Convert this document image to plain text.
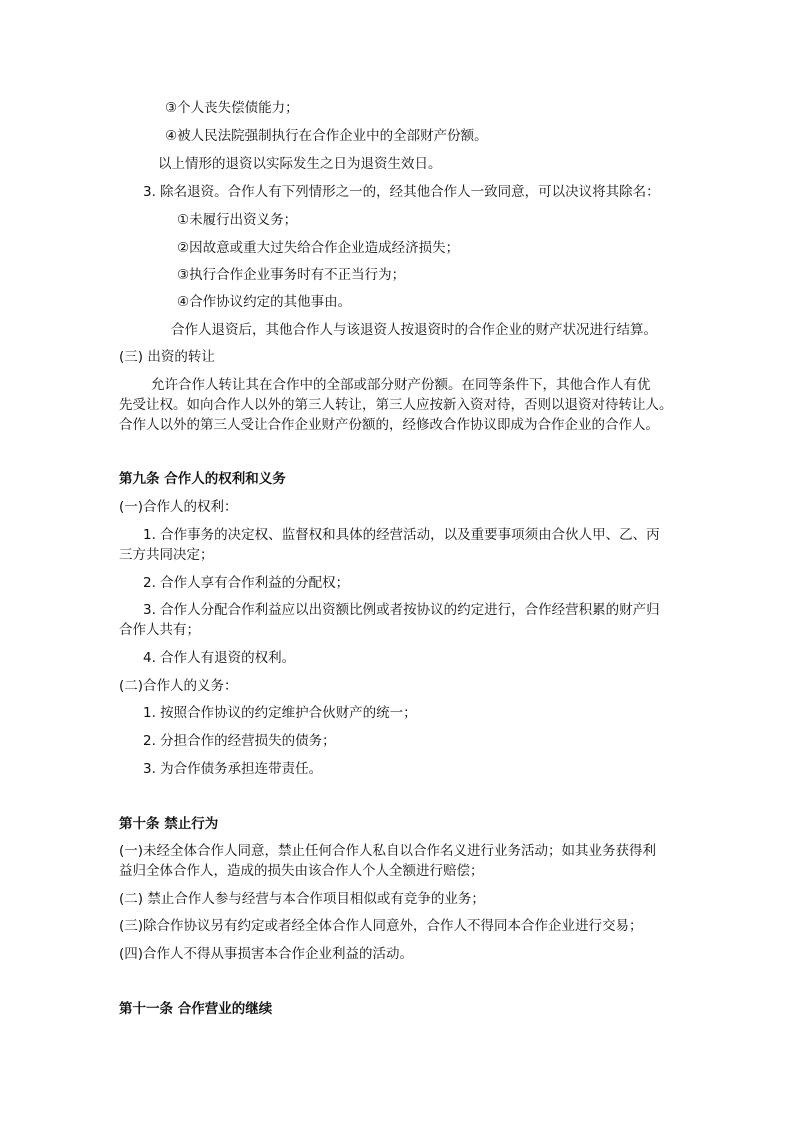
③个人丧失偿债能力；
④被人民法院强制执行在合作企业中的全部财产份额。
以上情形的退资以实际发生之日为退资生效日。
3. 除名退资。合作人有下列情形之一的，经其他合作人一致同意，可以决议将其除名：
①未履行出资义务；
②因故意或重大过失给合作企业造成经济损失；
③执行合作企业事务时有不正当行为；
④合作协议约定的其他事由。
合作人退资后，其他合作人与该退资人按退资时的合作企业的财产状况进行结算。
(三) 出资的转让
允许合作人转让其在合作中的全部或部分财产份额。在同等条件下，其他合作人有优
先受让权。如向合作人以外的第三人转让，第三人应按新入资对待，否则以退资对待转让人。
合作人以外的第三人受让合作企业财产份额的，经修改合作协议即成为合作企业的合作人。
第九条 合作人的权利和义务
(一)合作人的权利：
1. 合作事务的决定权、监督权和具体的经营活动，以及重要事项须由合伙人甲、乙、丙
三方共同决定；
2. 合作人享有合作利益的分配权；
3. 合作人分配合作利益应以出资额比例或者按协议的约定进行，合作经营积累的财产归
合作人共有；
4. 合作人有退资的权利。
(二)合作人的义务：
1. 按照合作协议的约定维护合伙财产的统一；
2. 分担合作的经营损失的债务；
3. 为合作债务承担连带责任。
第十条 禁止行为
(一)未经全体合作人同意，禁止任何合作人私自以合作名义进行业务活动；如其业务获得利
益归全体合作人，造成的损失由该合作人个人全额进行赔偿；
(二) 禁止合作人参与经营与本合作项目相似或有竞争的业务；
(三)除合作协议另有约定或者经全体合作人同意外，合作人不得同本合作企业进行交易；
(四)合作人不得从事损害本合作企业利益的活动。
第十一条 合作营业的继续
